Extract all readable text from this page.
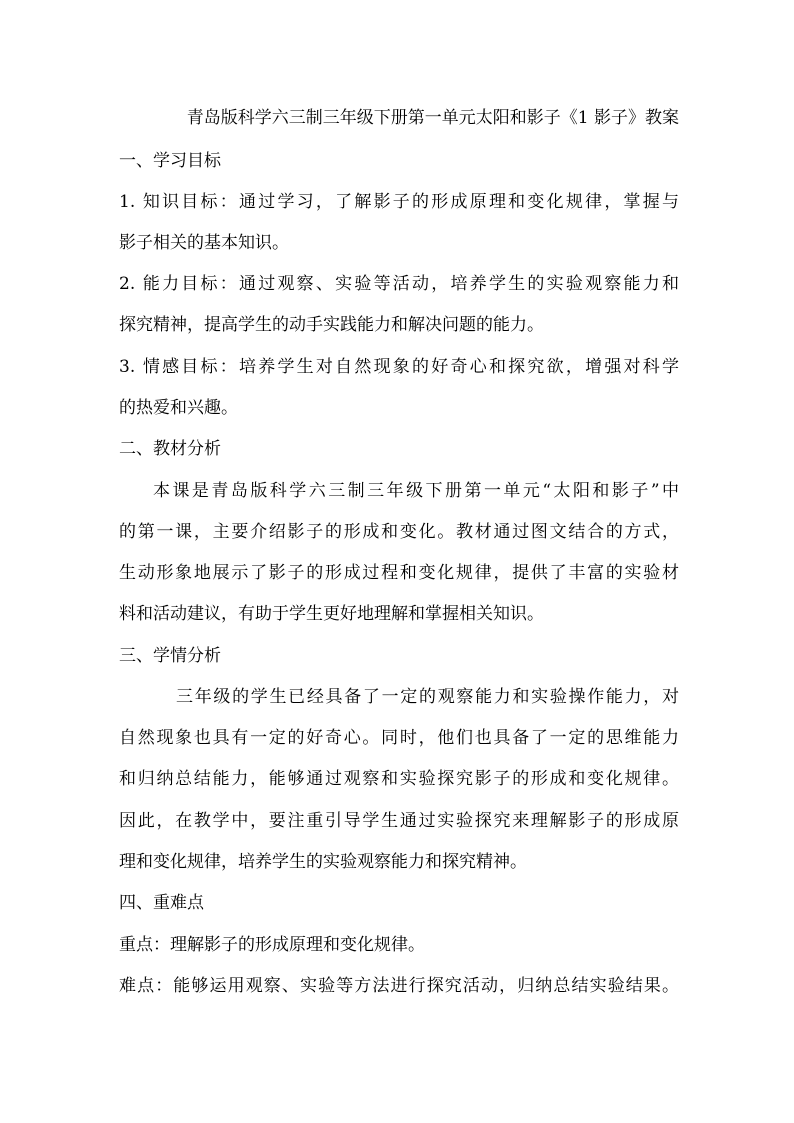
青岛版科学六三制三年级下册第一单元太阳和影子《1 影子》教案
一、学习目标
1. 知识目标：通过学习，了解影子的形成原理和变化规律，掌握与
影子相关的基本知识。
2. 能力目标：通过观察、实验等活动，培养学生的实验观察能力和
探究精神，提高学生的动手实践能力和解决问题的能力。
3. 情感目标：培养学生对自然现象的好奇心和探究欲，增强对科学
的热爱和兴趣。
二、教材分析
本课是青岛版科学六三制三年级下册第一单元“太阳和影子”中
的第一课，主要介绍影子的形成和变化。教材通过图文结合的方式，
生动形象地展示了影子的形成过程和变化规律，提供了丰富的实验材
料和活动建议，有助于学生更好地理解和掌握相关知识。
三、学情分析
三年级的学生已经具备了一定的观察能力和实验操作能力，对
自然现象也具有一定的好奇心。同时，他们也具备了一定的思维能力
和归纳总结能力，能够通过观察和实验探究影子的形成和变化规律。
因此，在教学中，要注重引导学生通过实验探究来理解影子的形成原
理和变化规律，培养学生的实验观察能力和探究精神。
四、重难点
重点：理解影子的形成原理和变化规律。
难点：能够运用观察、实验等方法进行探究活动，归纳总结实验结果。
